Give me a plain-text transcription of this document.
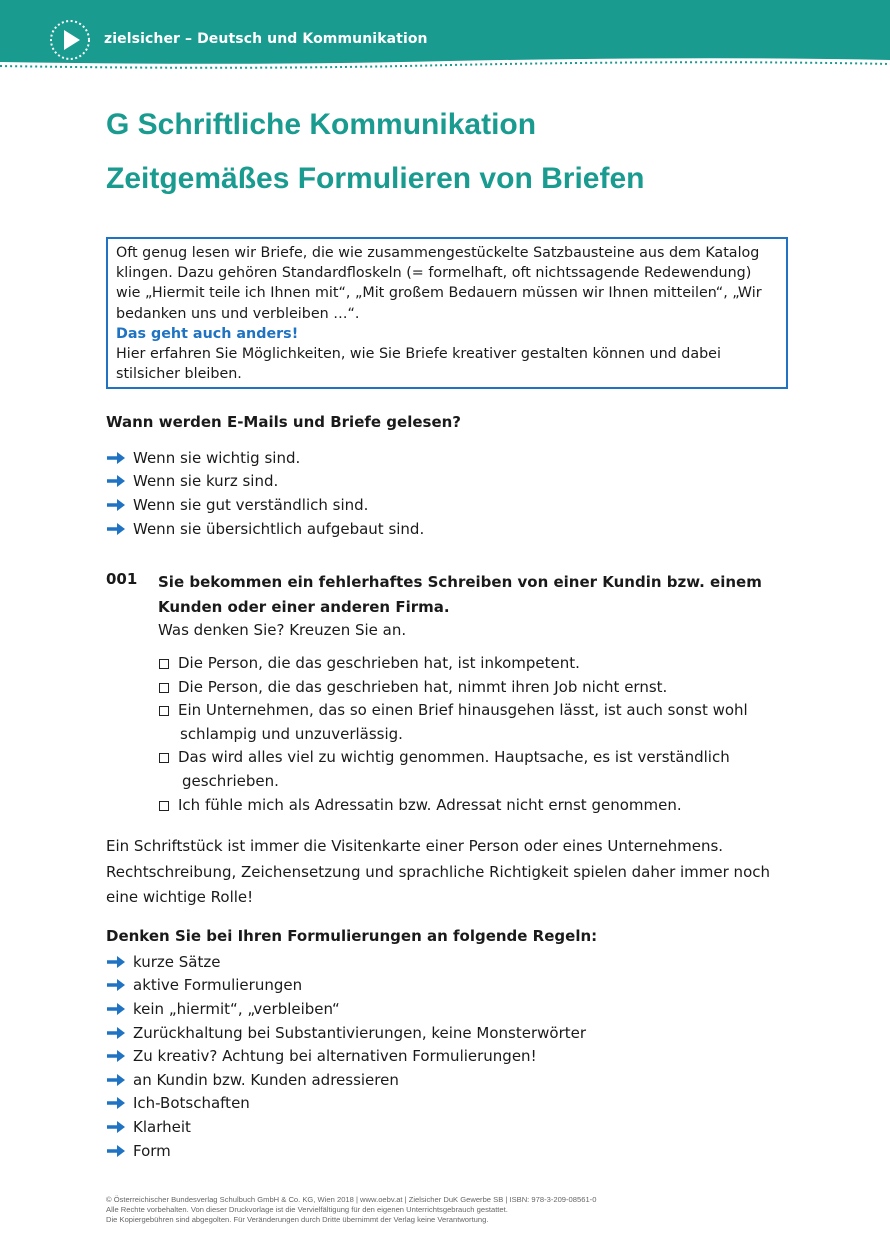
zielsicher – Deutsch und Kommunikation
G Schriftliche Kommunikation
Zeitgemäßes Formulieren von Briefen

Oft genug lesen wir Briefe, die wie zusammengestückelte Satzbausteine aus dem Katalog klingen. Dazu gehören Standardfloskeln (= formelhaft, oft nichtssagende Redewendung) wie „Hiermit teile ich Ihnen mit“, „Mit großem Bedauern müssen wir Ihnen mitteilen“, „Wir bedanken uns und verbleiben …“.

Das geht auch anders!

Hier erfahren Sie Möglichkeiten, wie Sie Briefe kreativer gestalten können und dabei stilsicher bleiben.

Wann werden E-Mails und Briefe gelesen?

Wenn sie wichtig sind.
Wenn sie kurz sind.
Wenn sie gut verständlich sind.
Wenn sie übersichtlich aufgebaut sind.
001 Sie bekommen ein fehlerhaftes Schreiben von einer Kundin bzw. einem Kunden oder einer anderen Firma.

Was denken Sie? Kreuzen Sie an.
Die Person, die das geschrieben hat, ist inkompetent.
Die Person, die das geschrieben hat, nimmt ihren Job nicht ernst.
Ein Unternehmen, das so einen Brief hinausgehen lässt, ist auch sonst wohl
schlampig und unzuverlässig.
Das wird alles viel zu wichtig genommen. Hauptsache, es ist verständlich
geschrieben.
Ich fühle mich als Adressatin bzw. Adressat nicht ernst genommen.

Ein Schriftstück ist immer die Visitenkarte einer Person oder eines Unternehmens. Rechtschreibung, Zeichensetzung und sprachliche Richtigkeit spielen daher immer noch eine wichtige Rolle!

Denken Sie bei Ihren Formulierungen an folgende Regeln:

kurze Sätze
aktive Formulierungen
kein „hiermit“, „verbleiben“
Zurückhaltung bei Substantivierungen, keine Monsterwörter
Zu kreativ? Achtung bei alternativen Formulierungen!
an Kundin bzw. Kunden adressieren
Ich-Botschaften
Klarheit
Form
© Österreichischer Bundesverlag Schulbuch GmbH & Co. KG, Wien 2018 | www.oebv.at | Zielsicher DuK Gewerbe SB | ISBN: 978-3-209-08561-0
Alle Rechte vorbehalten. Von dieser Druckvorlage ist die Vervielfältigung für den eigenen Unterrichtsgebrauch gestattet.
Die Kopiergebühren sind abgegolten. Für Veränderungen durch Dritte übernimmt der Verlag keine Verantwortung.
